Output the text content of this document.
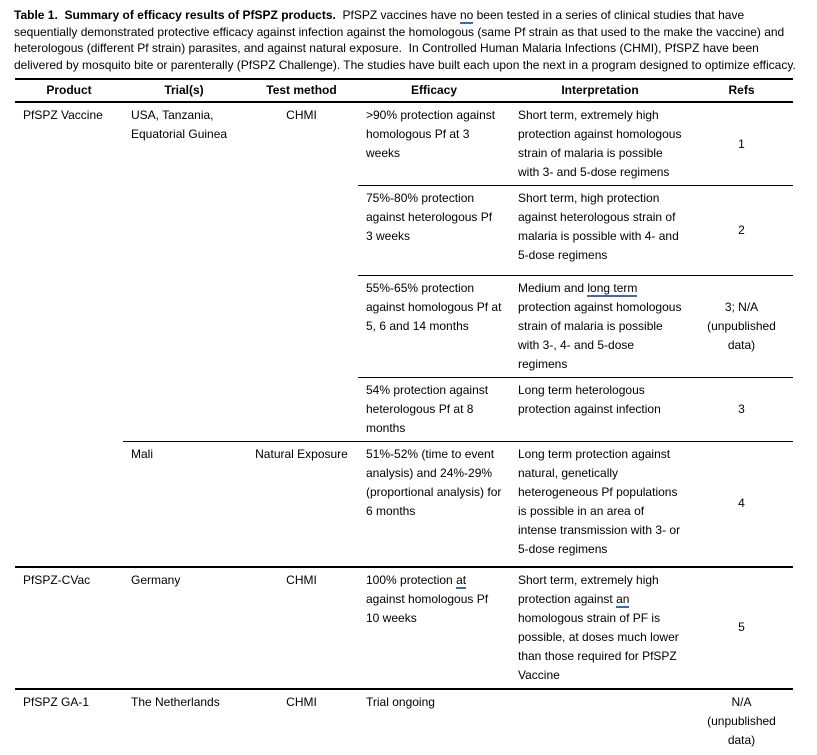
Table 1.  Summary of efficacy results of PfSPZ products.  PfSPZ vaccines have no been tested in a series of clinical studies that have sequentially demonstrated protective efficacy against infection against the homologous (same Pf strain as that used to the make the vaccine) and heterologous (different Pf strain) parasites, and against natural exposure.  In Controlled Human Malaria Infections (CHMI), PfSPZ have been delivered by mosquito bite or parenterally (PfSPZ Challenge). The studies have built each upon the next in a program designed to optimize efficacy.

Product	Trial(s)	Test method	Efficacy	Interpretation	Refs
PfSPZ Vaccine	USA, Tanzania, Equatorial Guinea	CHMI	>90% protection against homologous Pf at 3 weeks	Short term, extremely high protection against homologous strain of malaria is possible with 3- and 5-dose regimens	1
			75%-80% protection against heterologous Pf 3 weeks	Short term, high protection against heterologous strain of malaria is possible with 4- and 5-dose regimens	2
			55%-65% protection against homologous Pf at 5, 6 and 14 months	Medium and long term protection against homologous strain of malaria is possible with 3-, 4- and 5-dose regimens	3; N/A (unpublished data)
			54% protection against heterologous Pf at 8 months	Long term heterologous protection against infection	3
	Mali	Natural Exposure	51%-52% (time to event analysis) and 24%-29% (proportional analysis) for 6 months	Long term protection against natural, genetically heterogeneous Pf populations is possible in an area of intense transmission with 3- or 5-dose regimens	4
PfSPZ-CVac	Germany	CHMI	100% protection at against homologous Pf 10 weeks	Short term, extremely high protection against an homologous strain of PF is possible, at doses much lower than those required for PfSPZ Vaccine	5
PfSPZ GA-1	The Netherlands	CHMI	Trial ongoing		N/A (unpublished data)
